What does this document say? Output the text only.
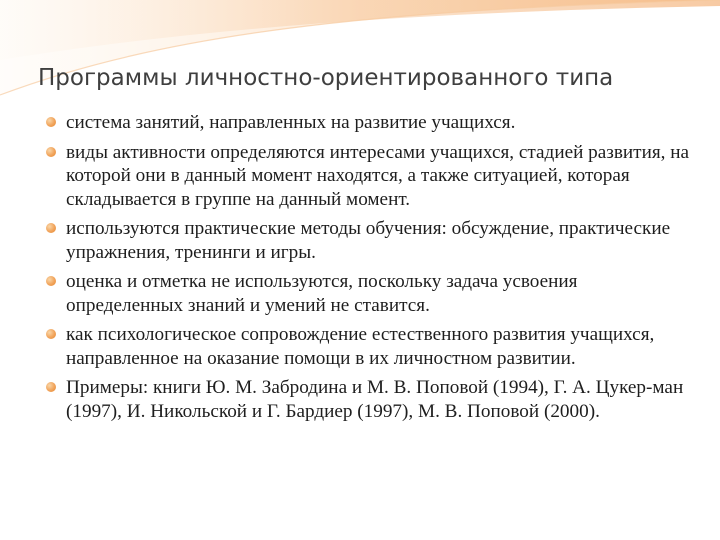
Программы личностно-ориентированного типа
система занятий, направленных на развитие учащихся.
виды активности определяются интересами учащихся, стадией развития, на которой они в данный момент находятся, а также ситуацией, которая складывается в группе на данный момент.
используются практические методы обучения: обсуждение, практические упражнения, тренинги и игры.
оценка и отметка не используются, поскольку задача усвоения определенных знаний и умений не ставится.
как психологическое сопровождение естественного развития учащихся, направленное на оказание помощи в их личностном развитии.
Примеры: книги Ю. М. Забродина и М. В. Поповой (1994), Г. А. Цукер-ман (1997), И. Никольской и Г. Бардиер (1997), М. В. Поповой (2000).
